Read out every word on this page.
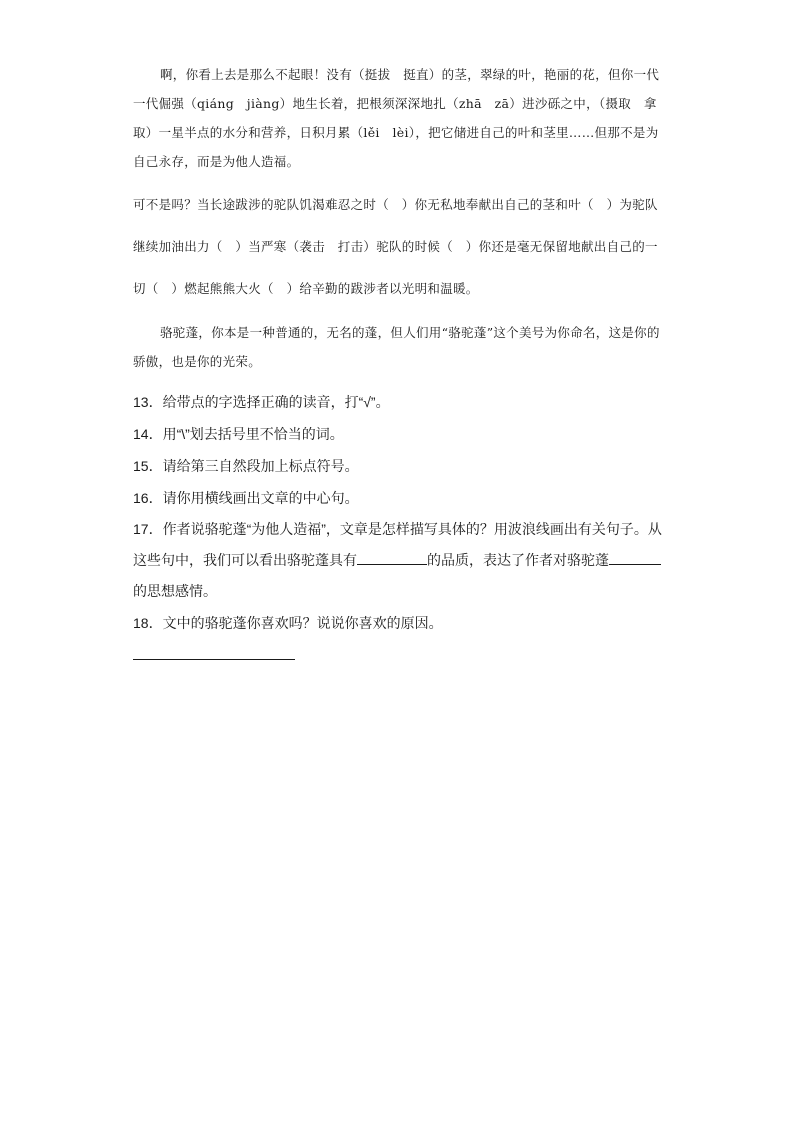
啊，你看上去是那么不起眼！没有（挺拔　挺直）的茎，翠绿的叶，艳丽的花，但你一代一代倔强（qiáng　jiàng）地生长着，把根须深深地扎（zhā　zā）进沙砾之中，（摄取　拿取）一星半点的水分和营养，日积月累（lěi　lèi），把它储进自己的叶和茎里……但那不是为自己永存，而是为他人造福。

可不是吗？当长途跋涉的驼队饥渴难忍之时（　）你无私地奉献出自己的茎和叶（　）为驼队继续加油出力（　）当严寒（袭击　打击）驼队的时候（　）你还是毫无保留地献出自己的一切（　）燃起熊熊大火（　）给辛勤的跋涉者以光明和温暖。

骆驼蓬，你本是一种普通的，无名的蓬，但人们用“骆驼蓬”这个美号为你命名，这是你的骄傲，也是你的光荣。

13．给带点的字选择正确的读音，打“√”。

14．用“\”划去括号里不恰当的词。

15．请给第三自然段加上标点符号。

16．请你用横线画出文章的中心句。

17．作者说骆驼蓬“为他人造福”，文章是怎样描写具体的？用波浪线画出有关句子。从这些句中，我们可以看出骆驼蓬具有	的品质，表达了作者对骆驼蓬的思想感情。

18．文中的骆驼蓬你喜欢吗？说说你喜欢的原因。
